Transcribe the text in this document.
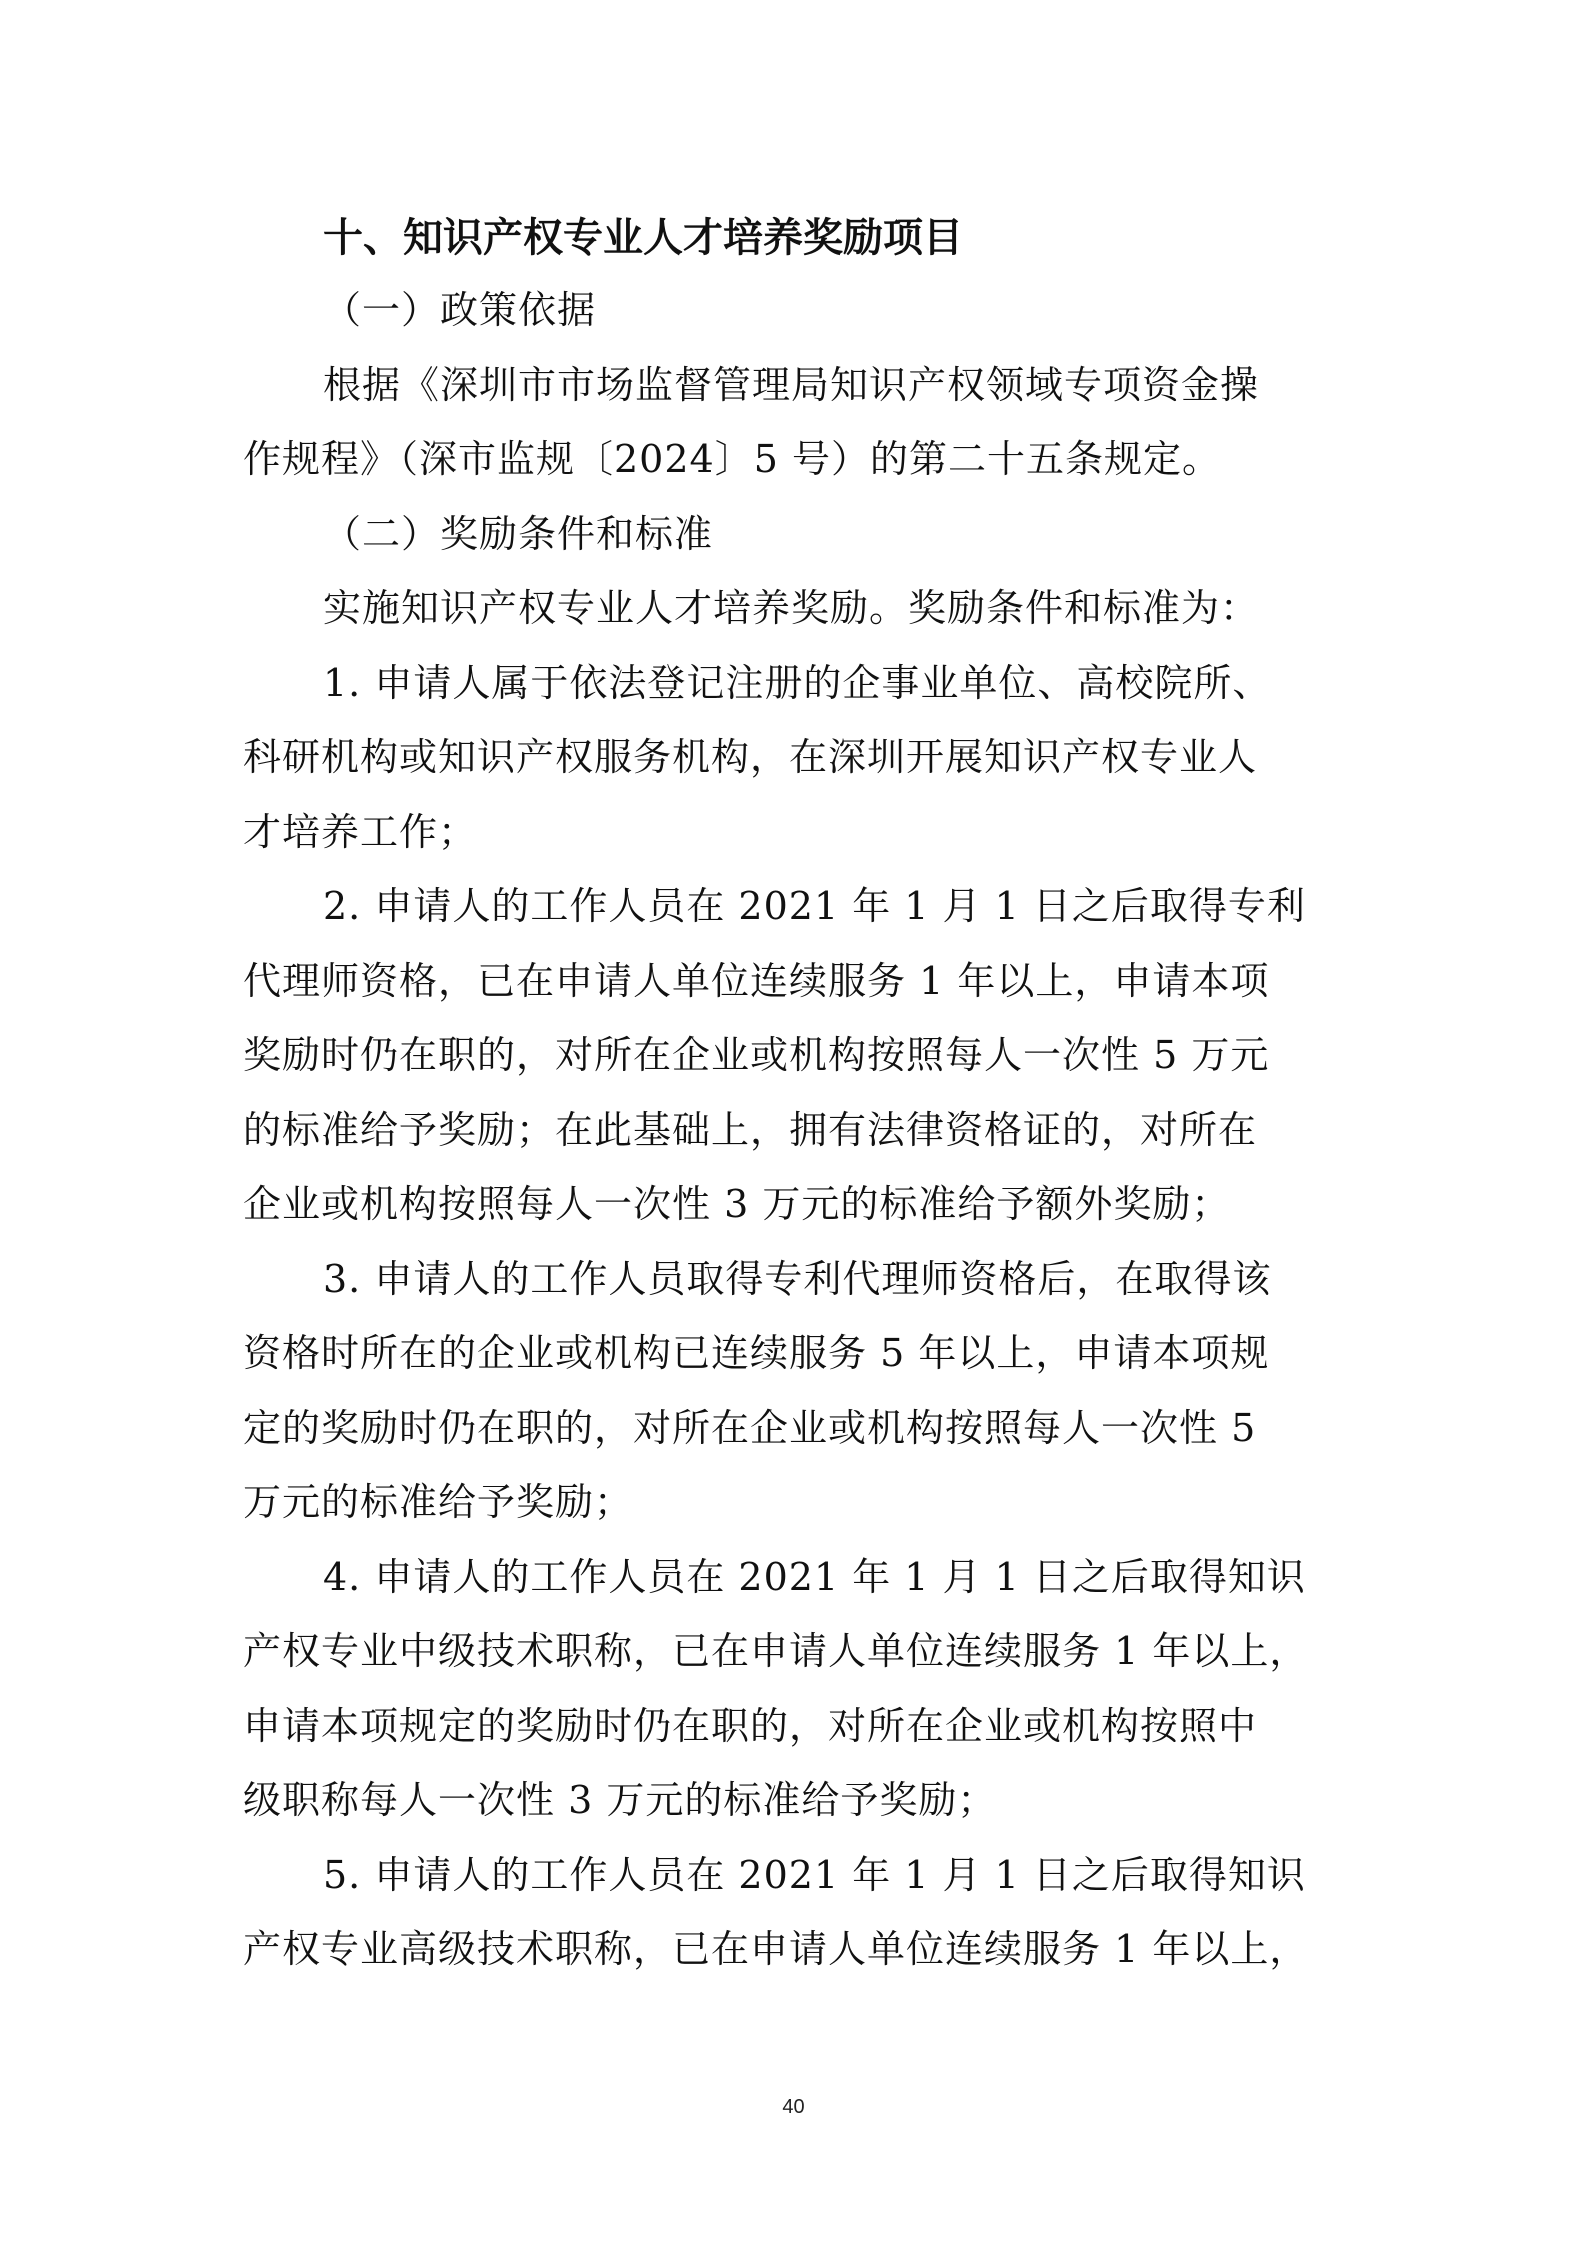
十、知识产权专业人才培养奖励项目
（一）政策依据
根据《深圳市市场监督管理局知识产权领域专项资金操
作规程》（深市监规〔2024〕5 号）的第二十五条规定。
（二）奖励条件和标准
实施知识产权专业人才培养奖励。奖励条件和标准为：
1. 申请人属于依法登记注册的企事业单位、高校院所、
科研机构或知识产权服务机构，在深圳开展知识产权专业人
才培养工作；
2. 申请人的工作人员在 2021 年 1 月 1 日之后取得专利
代理师资格，已在申请人单位连续服务 1 年以上，申请本项
奖励时仍在职的，对所在企业或机构按照每人一次性 5 万元
的标准给予奖励；在此基础上，拥有法律资格证的，对所在
企业或机构按照每人一次性 3 万元的标准给予额外奖励；
3. 申请人的工作人员取得专利代理师资格后，在取得该
资格时所在的企业或机构已连续服务 5 年以上，申请本项规
定的奖励时仍在职的，对所在企业或机构按照每人一次性 5
万元的标准给予奖励；
4. 申请人的工作人员在 2021 年 1 月 1 日之后取得知识
产权专业中级技术职称，已在申请人单位连续服务 1 年以上，
申请本项规定的奖励时仍在职的，对所在企业或机构按照中
级职称每人一次性 3 万元的标准给予奖励；
5. 申请人的工作人员在 2021 年 1 月 1 日之后取得知识
产权专业高级技术职称，已在申请人单位连续服务 1 年以上，
40
